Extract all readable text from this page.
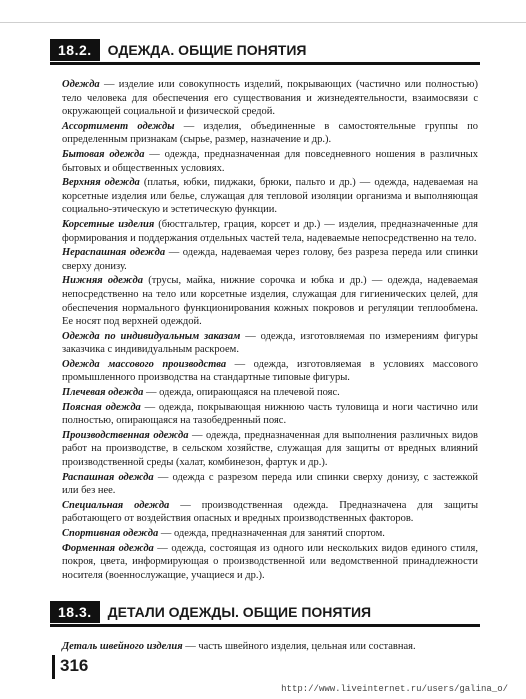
18.2.	ОДЕЖДА. ОБЩИЕ ПОНЯТИЯ

Одежда — изделие или совокупность изделий, покрывающих (частично или полностью) тело человека для обеспечения его существования и жизнедеятельности, взаимосвязи с окружающей социальной и физической средой.

Ассортимент одежды — изделия, объединенные в самостоятельные группы по определенным признакам (сырье, размер, назначение и др.).

Бытовая одежда — одежда, предназначенная для повседневного ношения в различных бытовых и общественных условиях.

Верхняя одежда (платья, юбки, пиджаки, брюки, пальто и др.) — одежда, надеваемая на корсетные изделия или белье, служащая для тепловой изоляции организма и выполняющая социально-этическую и эстетическую функции.

Корсетные изделия (бюстгальтер, грация, корсет и др.) — изделия, предназначенные для формирования и поддержания отдельных частей тела, надеваемые непосредственно на тело.

Нераспашная одежда — одежда, надеваемая через голову, без разреза переда или спинки сверху донизу.

Нижняя одежда (трусы, майка, нижние сорочка и юбка и др.) — одежда, надеваемая непосредственно на тело или корсетные изделия, служащая для гигиенических целей, для обеспечения нормального функционирования кожных покровов и регуляции теплообмена. Ее носят под верхней одеждой.

Одежда по индивидуальным заказам — одежда, изготовляемая по измерениям фигуры заказчика с индивидуальным раскроем.

Одежда массового производства — одежда, изготовляемая в условиях массового промышленного производства на стандартные типовые фигуры.

Плечевая одежда — одежда, опирающаяся на плечевой пояс.

Поясная одежда — одежда, покрывающая нижнюю часть туловища и ноги частично или полностью, опирающаяся на тазобедренный пояс.

Производственная одежда — одежда, предназначенная для выполнения различных видов работ на производстве, в сельском хозяйстве, служащая для защиты от вредных влияний производственной среды (халат, комбинезон, фартук и др.).

Распашная одежда — одежда с разрезом переда или спинки сверху донизу, с застежкой или без нее.

Специальная одежда — производственная одежда. Предназначена для защиты работающего от воздействия опасных и вредных производственных факторов.

Спортивная одежда — одежда, предназначенная для занятий спортом.

Форменная одежда — одежда, состоящая из одного или нескольких видов единого стиля, покроя, цвета, информирующая о производственной или ведомственной принадлежности носителя (военнослужащие, учащиеся и др.).

18.3.	ДЕТАЛИ ОДЕЖДЫ. ОБЩИЕ ПОНЯТИЯ

Деталь швейного изделия — часть швейного изделия, цельная или составная.

316
http://www.liveinternet.ru/users/galina_o/
